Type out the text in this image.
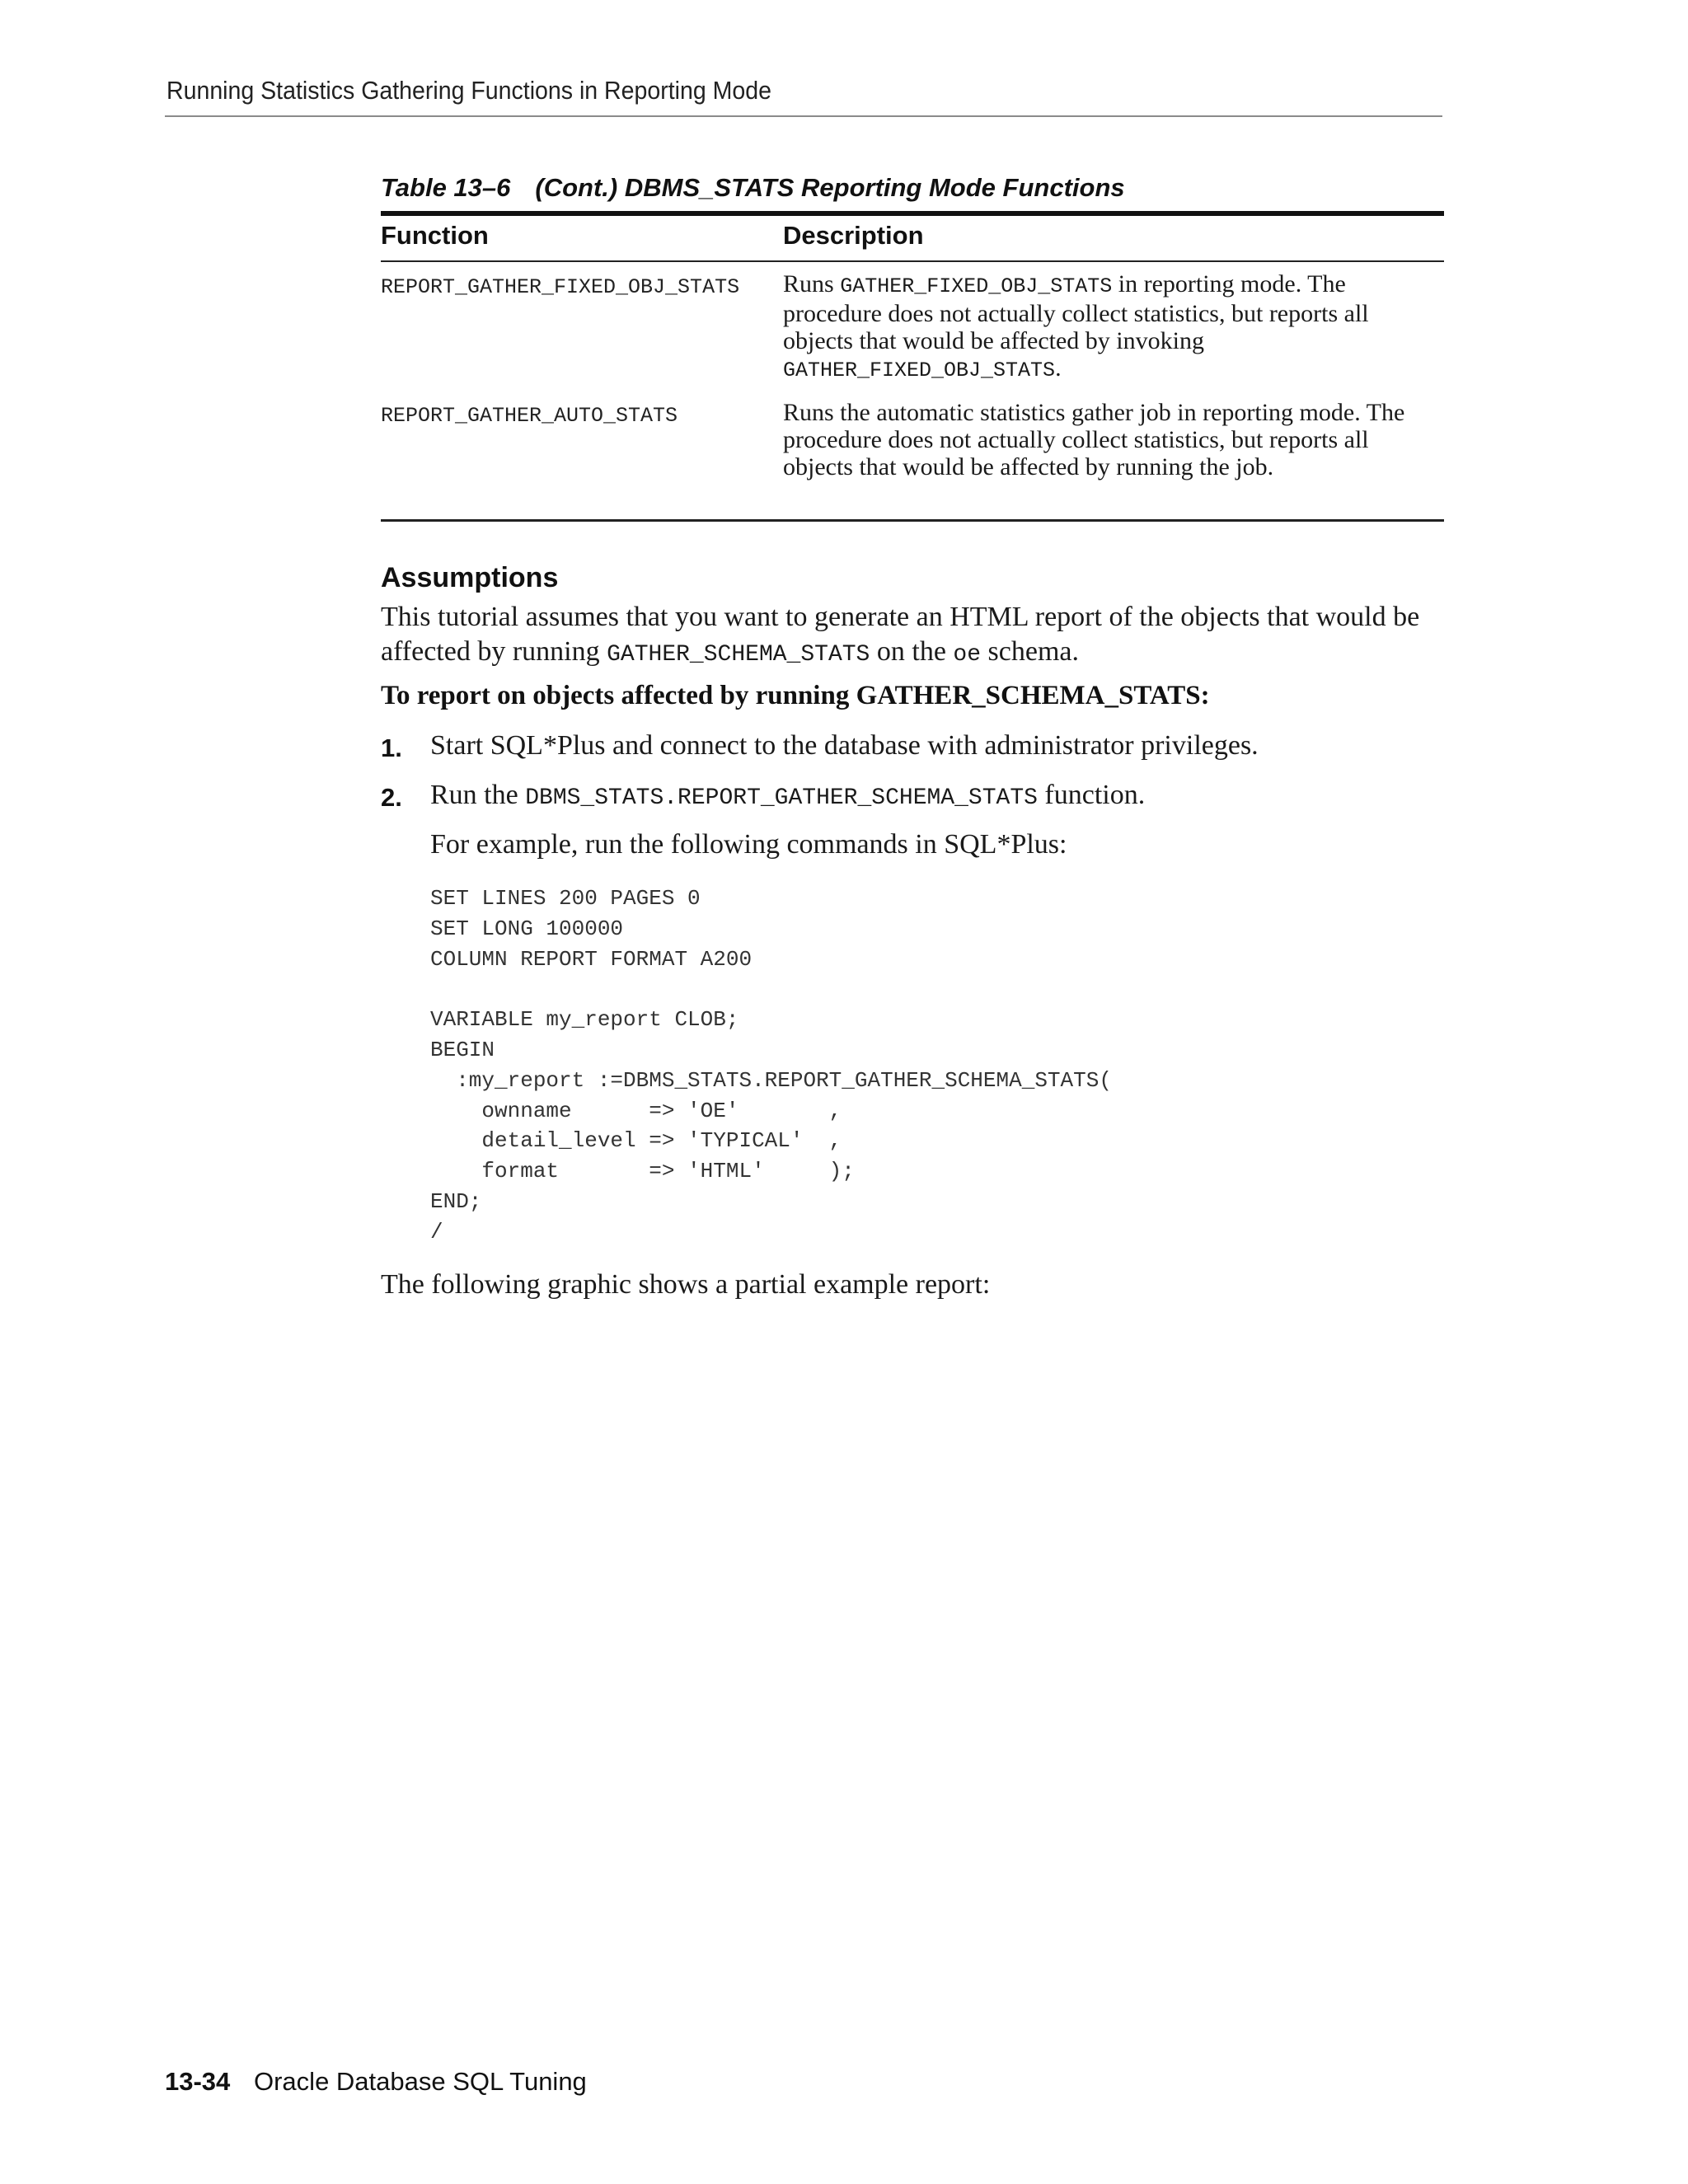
Running Statistics Gathering Functions in Reporting Mode
Table 13–6 (Cont.) DBMS_STATS Reporting Mode Functions
Function	Description
REPORT_GATHER_FIXED_OBJ_STATS Runs GATHER_FIXED_OBJ_STATS in reporting mode. The procedure does not actually collect statistics, but reports all objects that would be affected by invoking GATHER_FIXED_OBJ_STATS.
REPORT_GATHER_AUTO_STATS	Runs the automatic statistics gather job in reporting mode. The procedure does not actually collect statistics, but reports all objects that would be affected by running the job.
Assumptions
This tutorial assumes that you want to generate an HTML report of the objects that would be affected by running GATHER_SCHEMA_STATS on the oe schema.
To report on objects affected by running GATHER_SCHEMA_STATS:
1. Start SQL*Plus and connect to the database with administrator privileges.
2. Run the DBMS_STATS.REPORT_GATHER_SCHEMA_STATS function.
For example, run the following commands in SQL*Plus:
SET LINES 200 PAGES 0
SET LONG 100000
COLUMN REPORT FORMAT A200

VARIABLE my_report CLOB;
BEGIN
:my_report :=DBMS_STATS.REPORT_GATHER_SCHEMA_STATS(
ownname      => 'OE'       ,
detail_level => 'TYPICAL'  ,
format       => 'HTML'     );
END;
/
The following graphic shows a partial example report:
13-34 Oracle Database SQL Tuning
